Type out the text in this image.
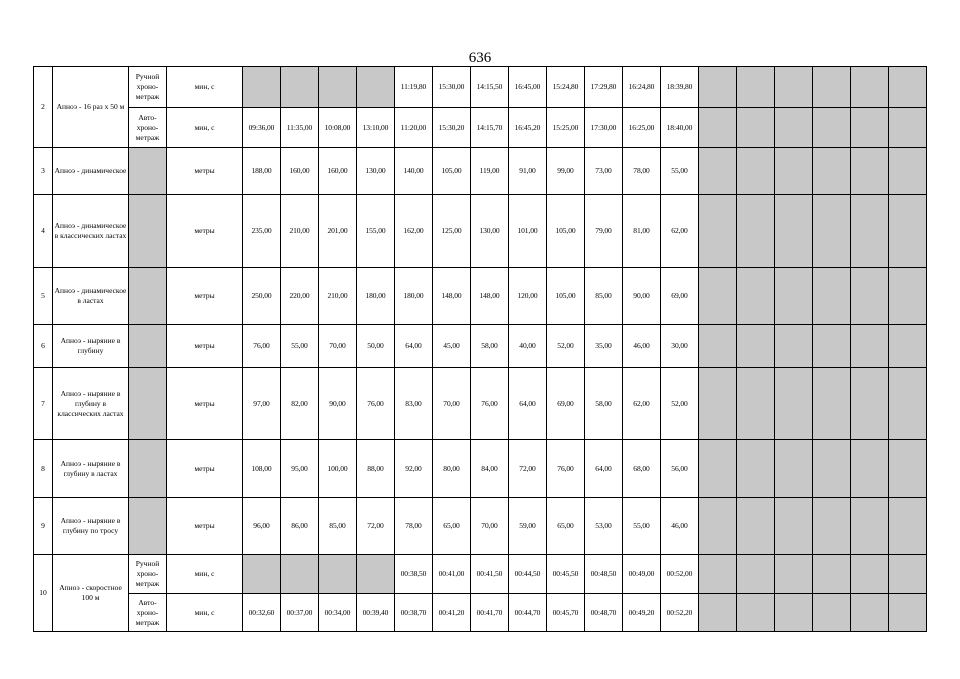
636
2	Апноэ - 16 раз х 50 м	Ручной хроно-метраж	мин, с					11:19,80	15:30,00	14:15,50	16:45,00	15:24,80	17:29,80	16:24,80	18:39,80						
		Авто-хроно-метраж	мин, с	09:36,00	11:35,00	10:08,00	13:10,00	11:20,00	15:30,20	14:15,70	16:45,20	15:25,00	17:30,00	16:25,00	18:40,00						
3	Апноэ - динамическое		метры	188,00	160,00	160,00	130,00	140,00	105,00	119,00	91,00	99,00	73,00	78,00	55,00						
4	Апноэ - динамическое в классических ластах		метры	235,00	210,00	201,00	155,00	162,00	125,00	130,00	101,00	105,00	79,00	81,00	62,00						
5	Апноэ - динамическое в ластах		метры	250,00	220,00	210,00	180,00	180,00	148,00	148,00	120,00	105,00	85,00	90,00	69,00						
6	Апноэ - ныряние в глубину		метры	76,00	55,00	70,00	50,00	64,00	45,00	58,00	40,00	52,00	35,00	46,00	30,00						
7	Апноэ - ныряние в глубину в классических ластах		метры	97,00	82,00	90,00	76,00	83,00	70,00	76,00	64,00	69,00	58,00	62,00	52,00						
8	Апноэ - ныряние в глубину в ластах		метры	108,00	95,00	100,00	88,00	92,00	80,00	84,00	72,00	76,00	64,00	68,00	56,00						
9	Апноэ - ныряние в глубину по тросу		метры	96,00	86,00	85,00	72,00	78,00	65,00	70,00	59,00	65,00	53,00	55,00	46,00						
10	Апноэ - скоростное 100 м	Ручной хроно-метраж	мин, с					00:38,50	00:41,00	00:41,50	00:44,50	00:45,50	00:48,50	00:49,00	00:52,00						
		Авто-хроно-метраж	мин, с	00:32,60	00:37,00	00:34,00	00:39,40	00:38,70	00:41,20	00:41,70	00:44,70	00:45,70	00:48,70	00:49,20	00:52,20						
